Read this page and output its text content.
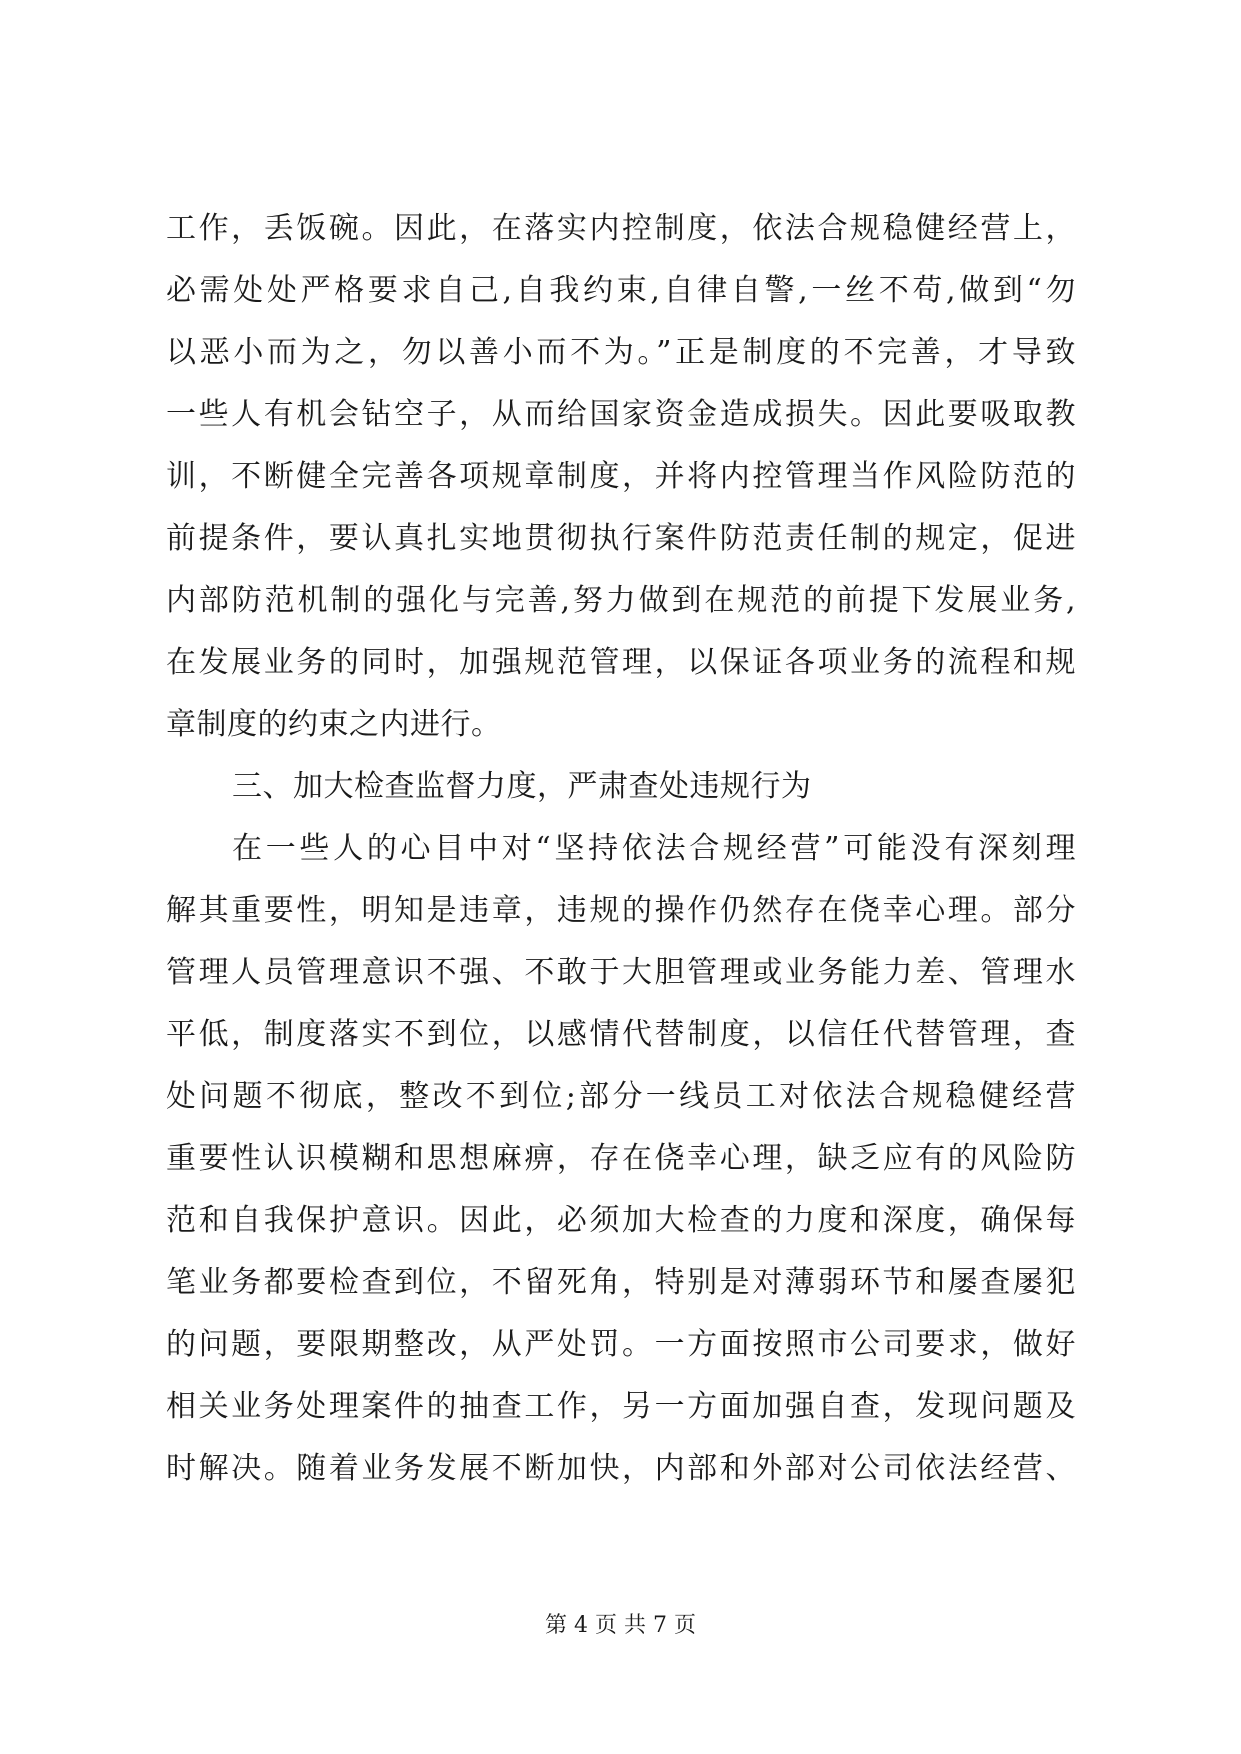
工作，丢饭碗。因此，在落实内控制度，依法合规稳健经营上，
必需处处严格要求自己,自我约束,自律自警,一丝不苟,做到“勿
以恶小而为之，勿以善小而不为。”正是制度的不完善，才导致
一些人有机会钻空子，从而给国家资金造成损失。因此要吸取教
训，不断健全完善各项规章制度，并将内控管理当作风险防范的
前提条件，要认真扎实地贯彻执行案件防范责任制的规定，促进
内部防范机制的强化与完善,努力做到在规范的前提下发展业务,
在发展业务的同时，加强规范管理，以保证各项业务的流程和规
章制度的约束之内进行。
三、加大检查监督力度，严肃查处违规行为
在一些人的心目中对“坚持依法合规经营”可能没有深刻理
解其重要性，明知是违章，违规的操作仍然存在侥幸心理。部分
管理人员管理意识不强、不敢于大胆管理或业务能力差、管理水
平低，制度落实不到位，以感情代替制度，以信任代替管理，查
处问题不彻底，整改不到位;部分一线员工对依法合规稳健经营
重要性认识模糊和思想麻痹，存在侥幸心理，缺乏应有的风险防
范和自我保护意识。因此，必须加大检查的力度和深度，确保每
笔业务都要检查到位，不留死角，特别是对薄弱环节和屡查屡犯
的问题，要限期整改，从严处罚。一方面按照市公司要求，做好
相关业务处理案件的抽查工作，另一方面加强自查，发现问题及
时解决。随着业务发展不断加快，内部和外部对公司依法经营、
第 4 页 共 7 页
